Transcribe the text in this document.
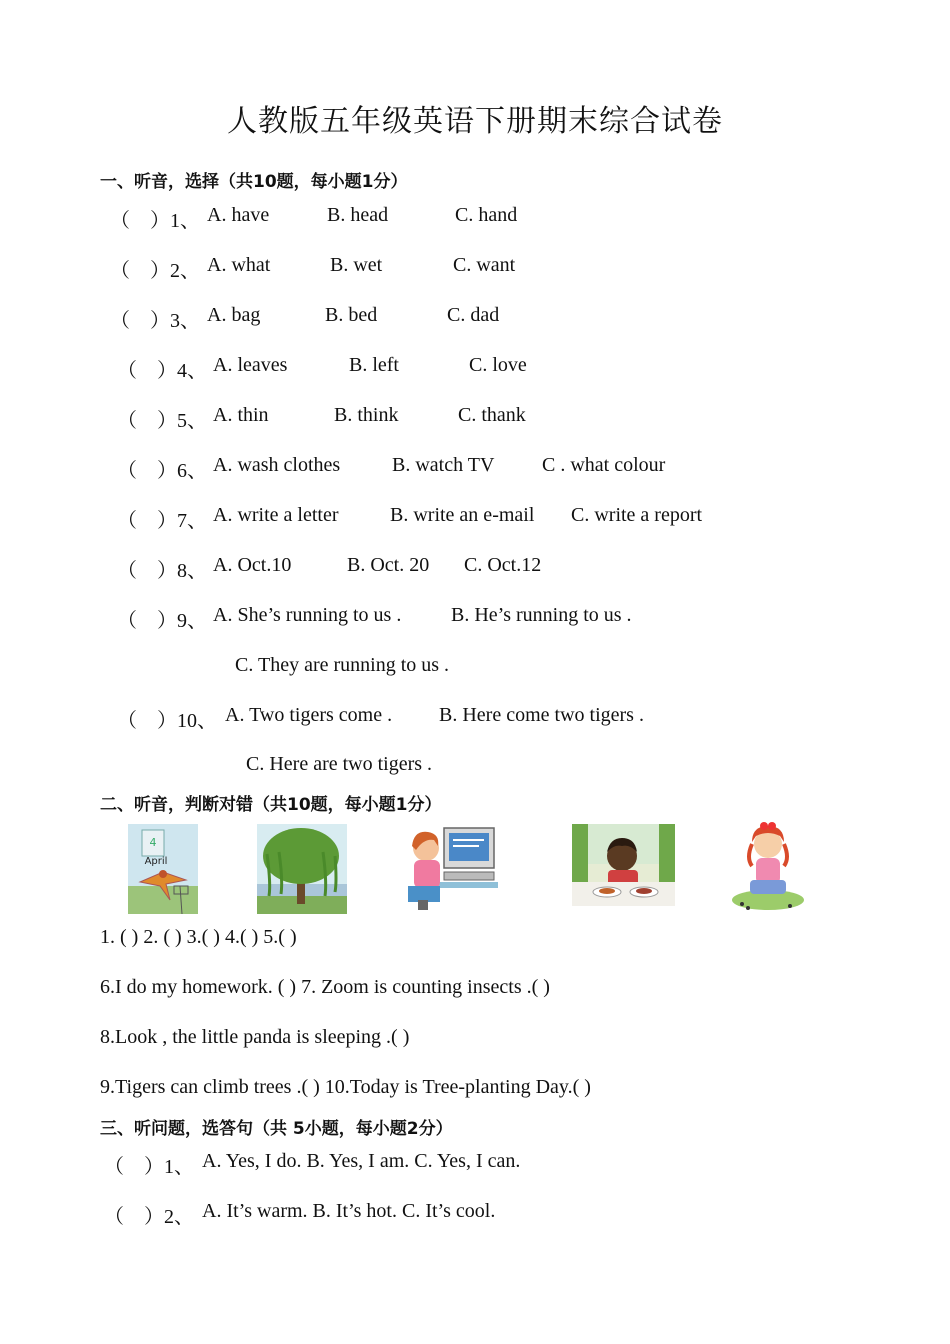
人教版五年级英语下册期末综合试卷
一、听音，选择（共10题，每小题1分）
（　）1、 A. have	B. head	C. hand
（　）2、 A. what	B. wet	C. want
（　）3、 A. bag	B. bed	C. dad
（　）4、 A. leaves	B. left	C. love
（　）5、 A. thin	B. think	C. thank
（　）6、 A. wash clothes	B. watch TV C . what colour
（　）7、 A. write a letter	B. write an e-mail C. write a report
（　）8、 A. Oct.10	B. Oct. 20 C. Oct.12
（　）9、 A. She’s running to us . B. He’s running to us .
C. They are running to us .
（　）10、 A. Two tigers come . B. Here come two tigers .
C. Here are two tigers .
二、听音，判断对错（共10题，每小题1分）
4
April
1. ( ) 2. ( ) 3.( ) 4.( ) 5.( )
6.I do my homework. ( ) 7. Zoom is counting insects .( )
8.Look , the little panda is sleeping .( )
9.Tigers can climb trees .( ) 10.Today is Tree-planting Day.( )
三、听问题，选答句（共 5小题，每小题2分）
（　）1、 A. Yes, I do. B. Yes, I am. C. Yes, I can.
（　）2、 A. It’s warm. B. It’s hot. C. It’s cool.
